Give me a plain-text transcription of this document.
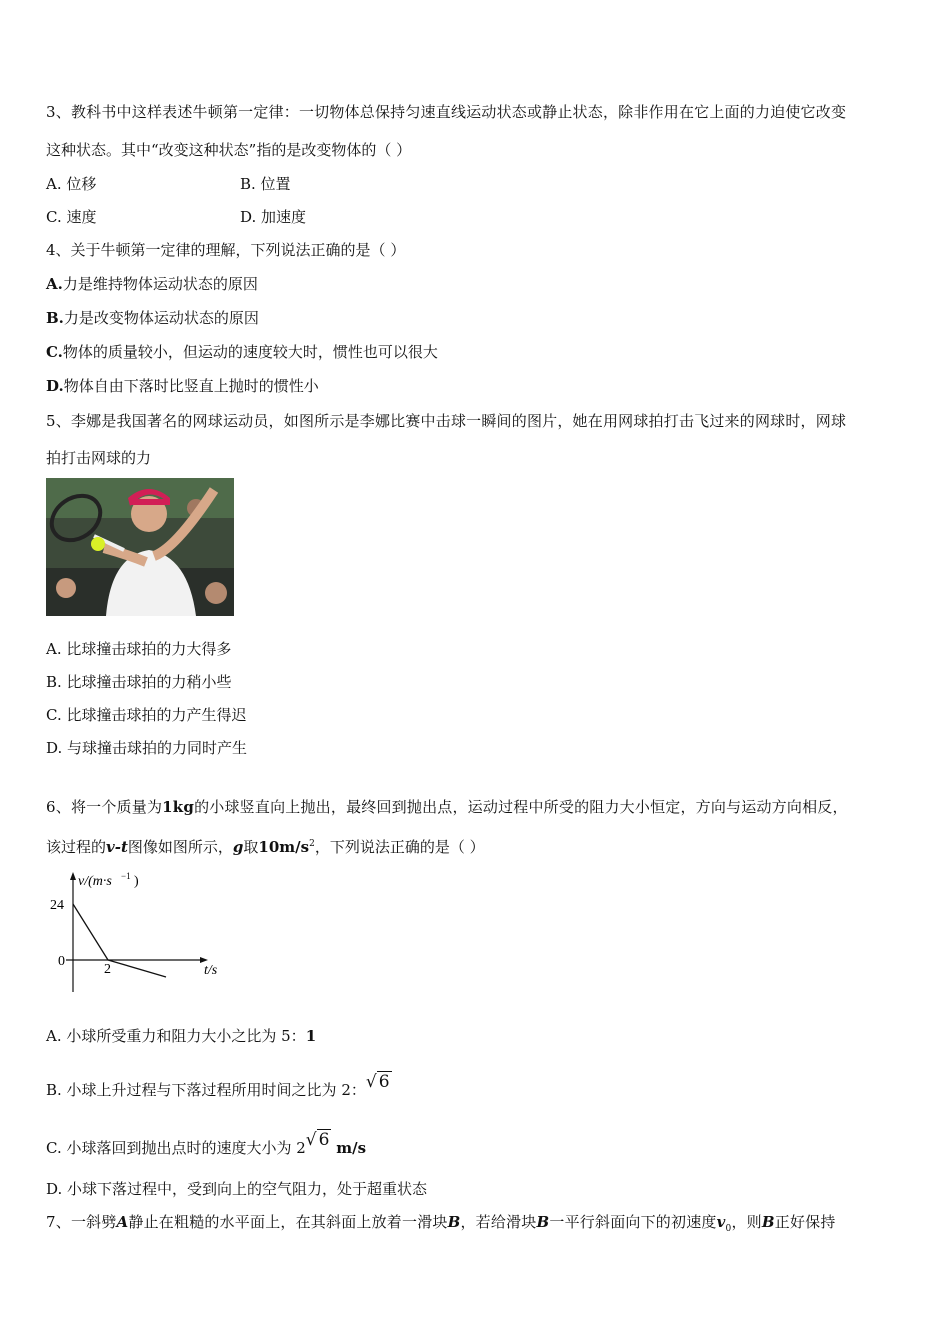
3、教科书中这样表述牛顿第一定律：一切物体总保持匀速直线运动状态或静止状态，除非作用在它上面的力迫使它改变
这种状态。其中“改变这种状态”指的是改变物体的（ ）
A. 位移	B. 位置
C. 速度	D. 加速度
4、关于牛顿第一定律的理解，下列说法正确的是（ ）
A.力是维持物体运动状态的原因
B.力是改变物体运动状态的原因
C.物体的质量较小，但运动的速度较大时，惯性也可以很大
D.物体自由下落时比竖直上抛时的惯性小
5、李娜是我国著名的网球运动员，如图所示是李娜比赛中击球一瞬间的图片，她在用网球拍打击飞过来的网球时，网球
拍打击网球的力
A. 比球撞击球拍的力大得多
B. 比球撞击球拍的力稍小些
C. 比球撞击球拍的力产生得迟
D. 与球撞击球拍的力同时产生
6、将一个质量为1kg的小球竖直向上抛出，最终回到抛出点，运动过程中所受的阻力大小恒定，方向与运动方向相反，
该过程的v-t图像如图所示，g取$10m/s^2$，下列说法正确的是（ ）
v/(m·s −1 )
24
0
2	t/s
A. 小球所受重力和阻力大小之比为 5：1
B. 小球上升过程与下落过程所用时间之比为 2：√ 6
C. 小球落回到抛出点时的速度大小为 2√ 6 m/s
D. 小球下落过程中，受到向上的空气阻力，处于超重状态
7、一斜劈A静止在粗糙的水平面上，在其斜面上放着一滑块B，若给滑块B一平行斜面向下的初速度$v_0$，则B正好保持
